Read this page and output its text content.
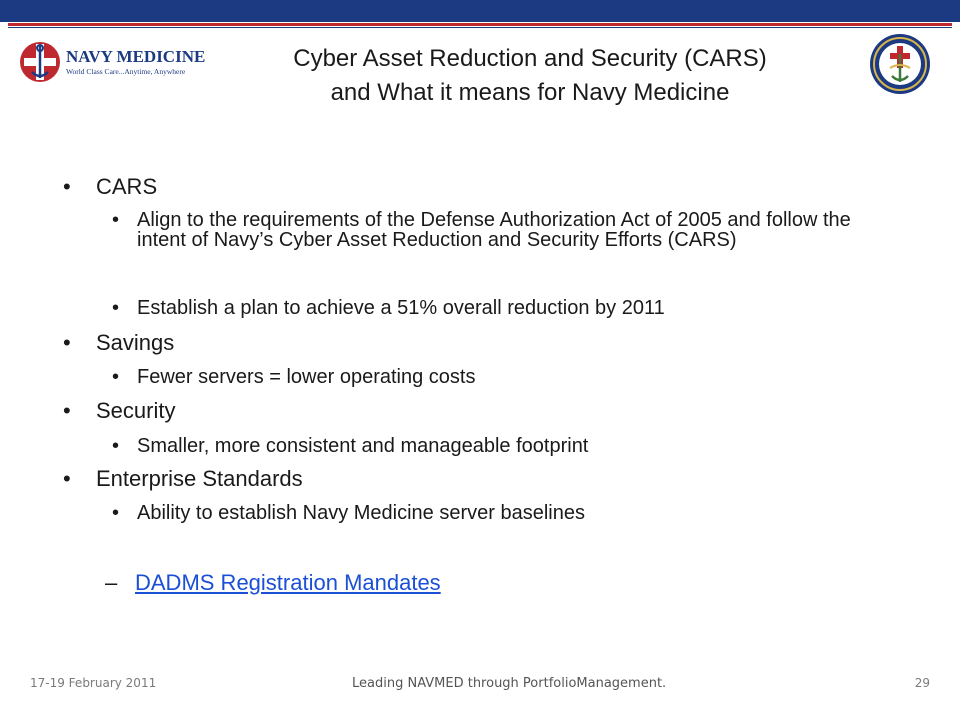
NAVY MEDICINE
World Class Care...Anytime, Anywhere	Cyber Asset Reduction and Security (CARS)
and What it means for Navy Medicine
• CARS
• Align to the requirements of the Defense Authorization Act of 2005 and follow the intent of Navy’s Cyber Asset Reduction and Security Efforts (CARS)
• Establish a plan to achieve a 51% overall reduction by 2011
• Savings
• Fewer servers = lower operating costs
• Security
• Smaller, more consistent and manageable footprint
• Enterprise Standards
• Ability to establish Navy Medicine server baselines
– DADMS Registration Mandates
17-19 February 2011	Leading NAVMED through PortfolioManagement.	29
